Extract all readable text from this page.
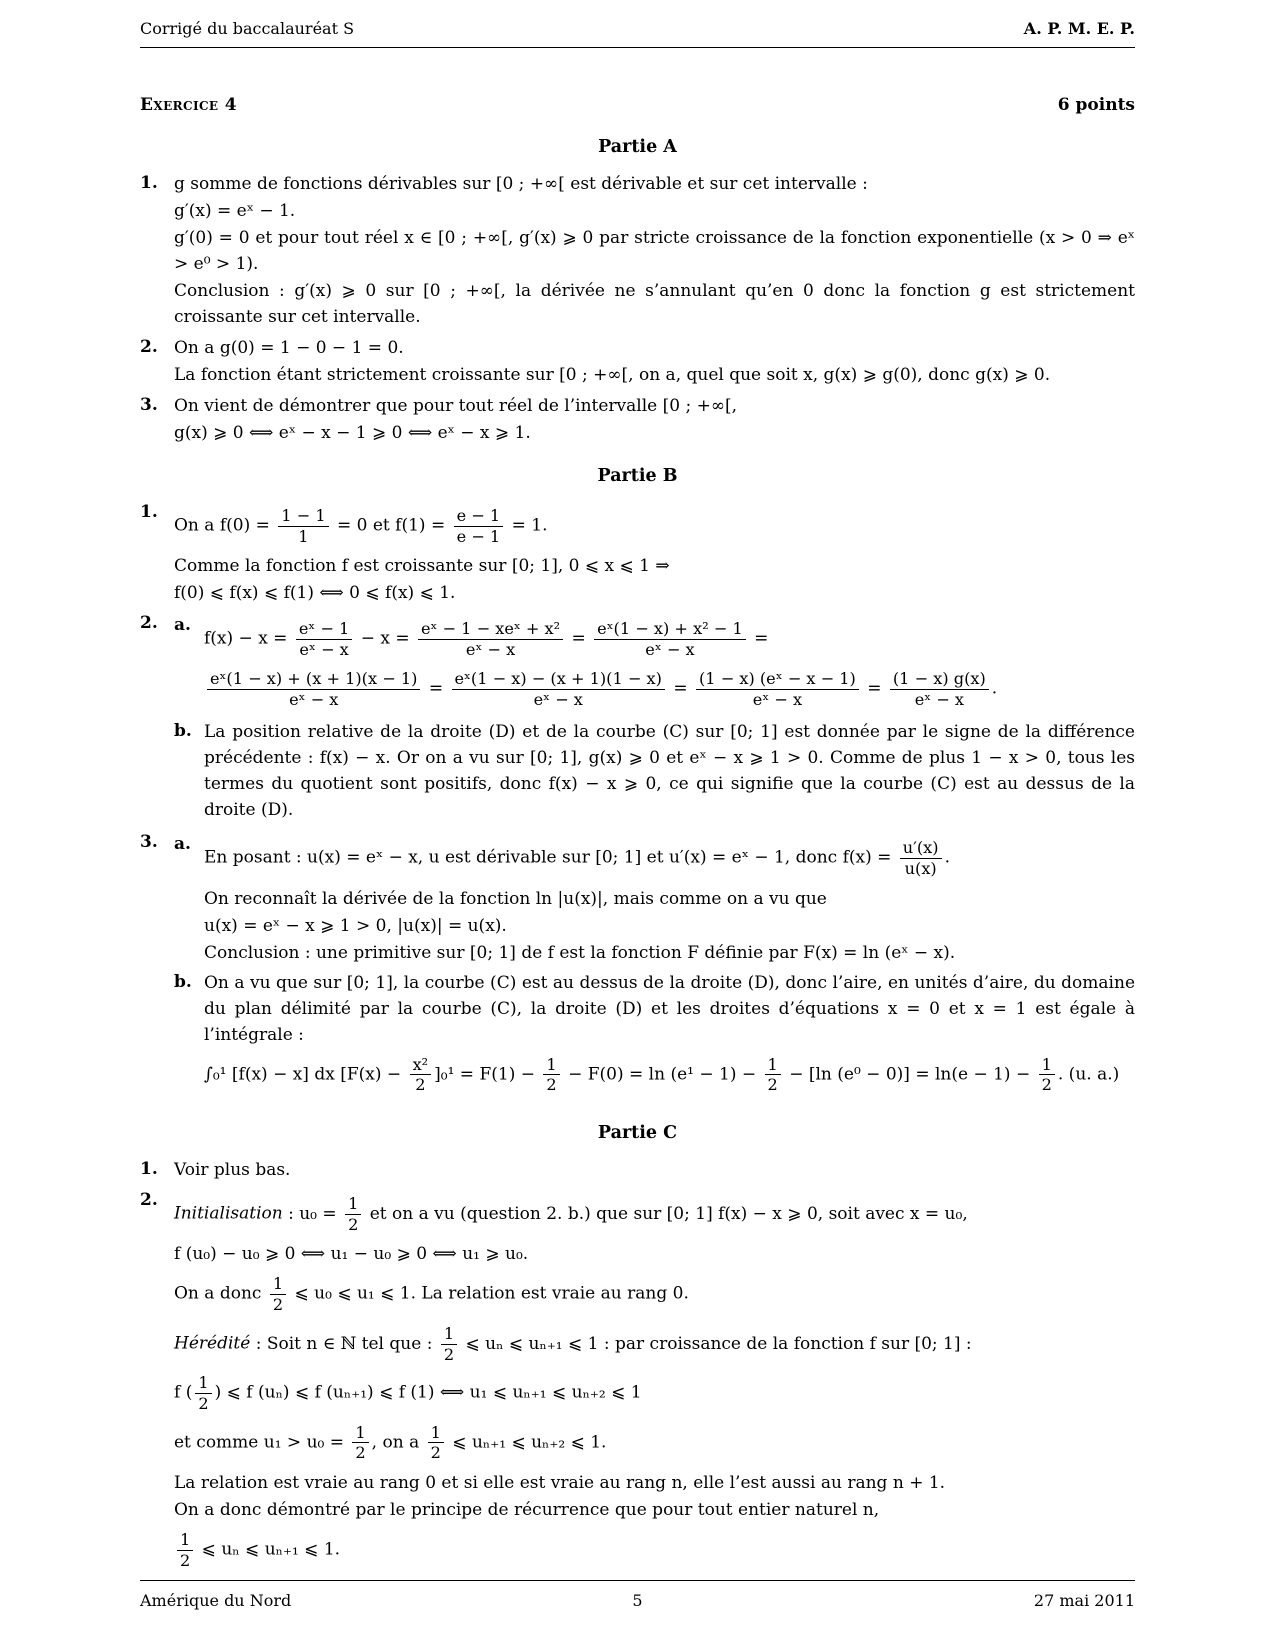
Corrigé du baccalauréat S	A. P. M. E. P.
Exercice 4	6 points
Partie A
1. g somme de fonctions dérivables sur [0 ; +∞[ est dérivable et sur cet intervalle :
g′(x) = eˣ − 1.
g′(0) = 0 et pour tout réel x ∈ [0 ; +∞[, g′(x) ⩾ 0 par stricte croissance de la fonction exponentielle (x > 0 ⇒ eˣ > e⁰ > 1).
Conclusion : g′(x) ⩾ 0 sur [0 ; +∞[, la dérivée ne s’annulant qu’en 0 donc la fonction g est strictement croissante sur cet intervalle.
2. On a g(0) = 1 − 0 − 1 = 0.
La fonction étant strictement croissante sur [0 ; +∞[, on a, quel que soit x, g(x) ⩾ g(0), donc g(x) ⩾ 0.
3. On vient de démontrer que pour tout réel de l’intervalle [0 ; +∞[,
g(x) ⩾ 0 ⟺ eˣ − x − 1 ⩾ 0 ⟺ eˣ − x ⩾ 1.
Partie B
1.
On a $f(0) = \frac{1 - 1}{1} = 0$ et $f(1) = \frac{e - 1}{e - 1} = 1$.
Comme la fonction f est croissante sur [0; 1], 0 ⩽ x ⩽ 1 ⇒
f(0) ⩽ f(x) ⩽ f(1) ⟺ 0 ⩽ f(x) ⩽ 1.
2. a.
$f(x) - x = \frac{\text{eˣ − 1}}{\text{eˣ − x}} - x = \frac{\text{eˣ − 1 − xeˣ + x²}}{\text{eˣ − x}} = \frac{\text{eˣ(1 − x) + x² − 1}}{\text{eˣ − x}}$ =
$\frac{\text{eˣ(1 − x) + (x + 1)(x − 1)}}{\text{eˣ − x}} = \frac{\text{eˣ(1 − x) − (x + 1)(1 − x)}}{\text{eˣ − x}} = \frac{\text{(1 − x) (eˣ − x − 1)}}{\text{eˣ − x}} = \frac{(1 - x) g(x)}{\text{eˣ − x}}$ .
b. La position relative de la droite (D) et de la courbe (C) sur [0; 1] est donnée par le signe de la différence précédente : f(x) − x. Or on a vu sur [0; 1], g(x) ⩾ 0 et eˣ − x ⩾ 1 > 0. Comme de plus 1 − x > 0, tous les termes du quotient sont positifs, donc f(x) − x ⩾ 0, ce qui signifie que la courbe (C) est au dessus de la droite (D).
3. a.
En posant : u(x) = eˣ − x, u est dérivable sur [0; 1] et u′(x) = eˣ − 1, donc $f(x) = \frac{u'(x)}{u(x)}$ .
On reconnaît la dérivée de la fonction ln |u(x)|, mais comme on a vu que
u(x) = eˣ − x ⩾ 1 > 0, |u(x)| = u(x).
Conclusion : une primitive sur [0; 1] de f est la fonction F définie par F(x) = ln (eˣ − x).
b. On a vu que sur [0; 1], la courbe (C) est au dessus de la droite (D), donc l’aire, en unités d’aire, du domaine du plan délimité par la courbe (C), la droite (D) et les droites d’équations x = 0 et x = 1 est égale à l’intégrale :
∫₀¹ [f(x) − x] dx $[F(x) - \frac{\text{x²}}{2} ]_0^1 = F(1) - \frac{1}{2} - F(0) = \ln (e^1 - 1) - \frac{1}{2} - [\ln$ $(e^0 - 0)] = \ln(e - 1) - \frac{1}{2}$ . (u. a.)
Partie C
1. Voir plus bas.
2.
Initialisation : $u_0 = \frac{1}{2}$ et on a vu (question 2. b.) que sur [0; 1] f(x) − x ⩾ 0, soit avec x = u₀,
f (u₀) − u₀ ⩾ 0 ⟺ u₁ − u₀ ⩾ 0 ⟺ u₁ ⩾ u₀.
On a donc $\frac{1}{2}$ ⩽ u₀ ⩽ u₁ ⩽ 1. La relation est vraie au rang 0.
Hérédité : Soit n ∈ ℕ tel que : $\frac{1}{2}$ ⩽ uₙ ⩽ uₙ₊₁ ⩽ 1 : par croissance de la fonction f sur [0; 1] :
f ( $\frac{1}{2}$ ) ⩽ f (uₙ) ⩽ f (uₙ₊₁) ⩽ f (1) ⟺ u₁ ⩽ uₙ₊₁ ⩽ uₙ₊₂ ⩽ 1
et comme $u_1 > u_0 = \frac{1}{2}$ , on a $\frac{1}{2}$ ⩽ uₙ₊₁ ⩽ uₙ₊₂ ⩽ 1.
La relation est vraie au rang 0 et si elle est vraie au rang n, elle l’est aussi au rang n + 1.
On a donc démontré par le principe de récurrence que pour tout entier naturel n,
$\frac{1}{2}$ ⩽ uₙ ⩽ uₙ₊₁ ⩽ 1.
Amérique du Nord	5	27 mai 2011
